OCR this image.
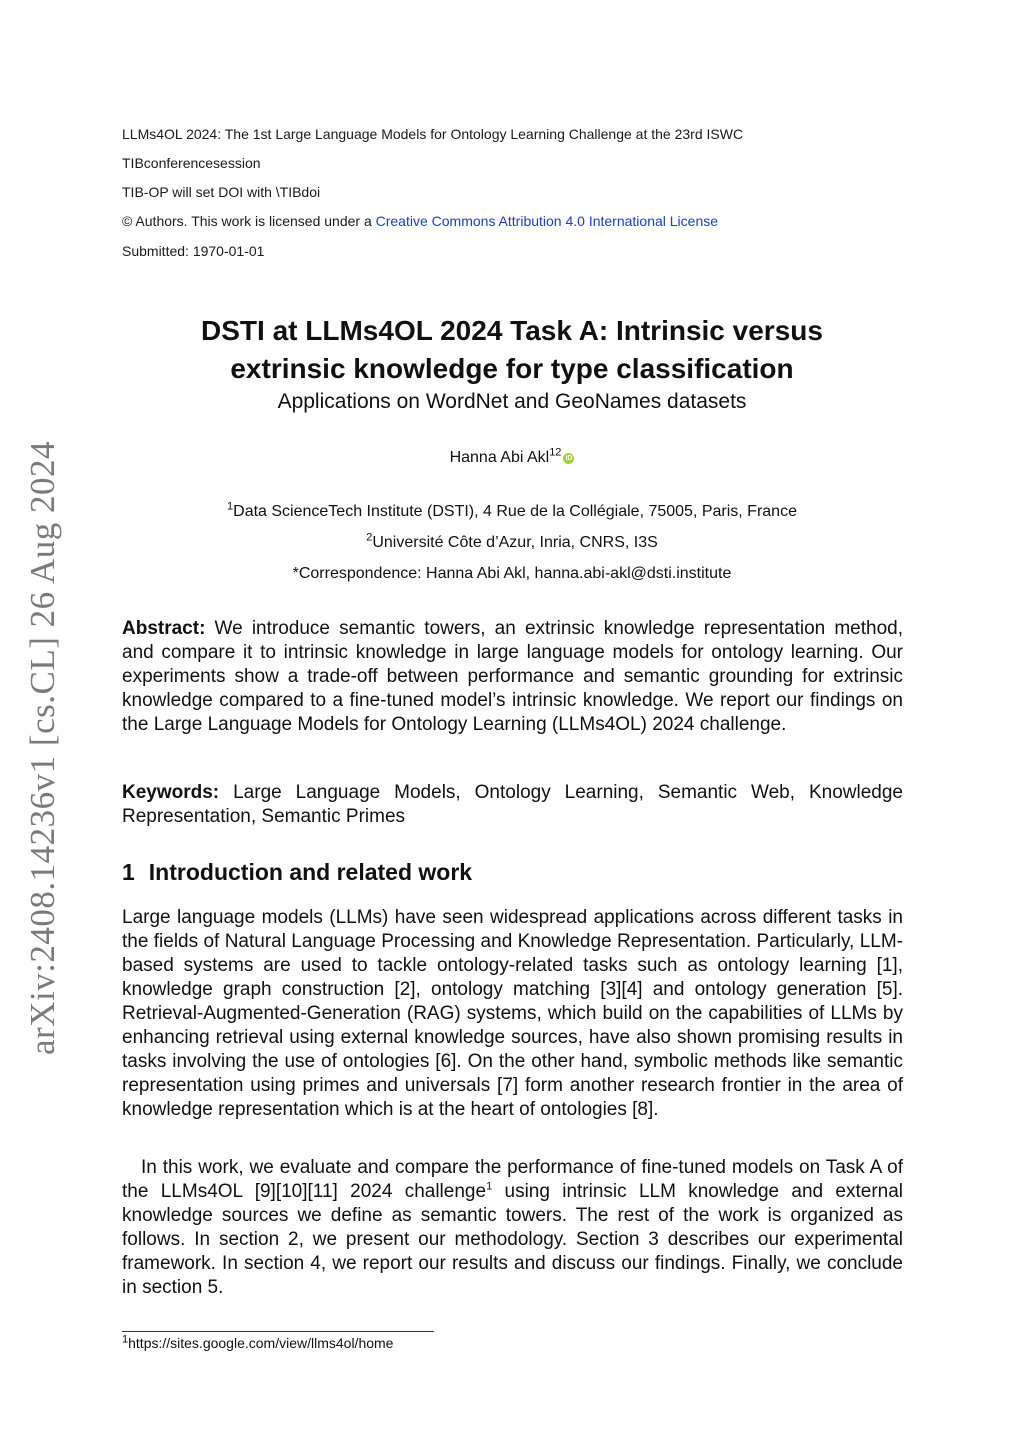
arXiv:2408.14236v1 [cs.CL] 26 Aug 2024
LLMs4OL 2024: The 1st Large Language Models for Ontology Learning Challenge at the 23rd ISWC
TIBconferencesession
TIB-OP will set DOI with \TIBdoi
© Authors. This work is licensed under a Creative Commons Attribution 4.0 International License
Submitted: 1970-01-01
DSTI at LLMs4OL 2024 Task A: Intrinsic versus
extrinsic knowledge for type classification
Applications on WordNet and GeoNames datasets
Hanna Abi Akl$^{12}$ iD
$^1$Data ScienceTech Institute (DSTI), 4 Rue de la Collégiale, 75005, Paris, France
$^2$Université Côte d’Azur, Inria, CNRS, I3S
*Correspondence: Hanna Abi Akl, hanna.abi-akl@dsti.institute

Abstract: We introduce semantic towers, an extrinsic knowledge representation method, and compare it to intrinsic knowledge in large language models for ontology learning. Our experiments show a trade-off between performance and semantic grounding for extrinsic knowledge compared to a fine-tuned model’s intrinsic knowledge. We report our findings on the Large Language Models for Ontology Learning (LLMs4OL) 2024 challenge.

Keywords: Large Language Models, Ontology Learning, Semantic Web, Knowledge Representation, Semantic Primes

1 Introduction and related work

Large language models (LLMs) have seen widespread applications across different tasks in the fields of Natural Language Processing and Knowledge Representation. Particularly, LLM-based systems are used to tackle ontology-related tasks such as ontology learning [1], knowledge graph construction [2], ontology matching [3][4] and ontology generation [5]. Retrieval-Augmented-Generation (RAG) systems, which build on the capabilities of LLMs by enhancing retrieval using external knowledge sources, have also shown promising results in tasks involving the use of ontologies [6]. On the other hand, symbolic methods like semantic representation using primes and universals [7] form another research frontier in the area of knowledge representation which is at the heart of ontologies [8].

In this work, we evaluate and compare the performance of fine-tuned models on Task A of the LLMs4OL [9][10][11] 2024 challenge$^1$ using intrinsic LLM knowledge and external knowledge sources we define as semantic towers. The rest of the work is organized as follows. In section 2, we present our methodology. Section 3 describes our experimental framework. In section 4, we report our results and discuss our findings. Finally, we conclude in section 5.

$^1$https://sites.google.com/view/llms4ol/home
